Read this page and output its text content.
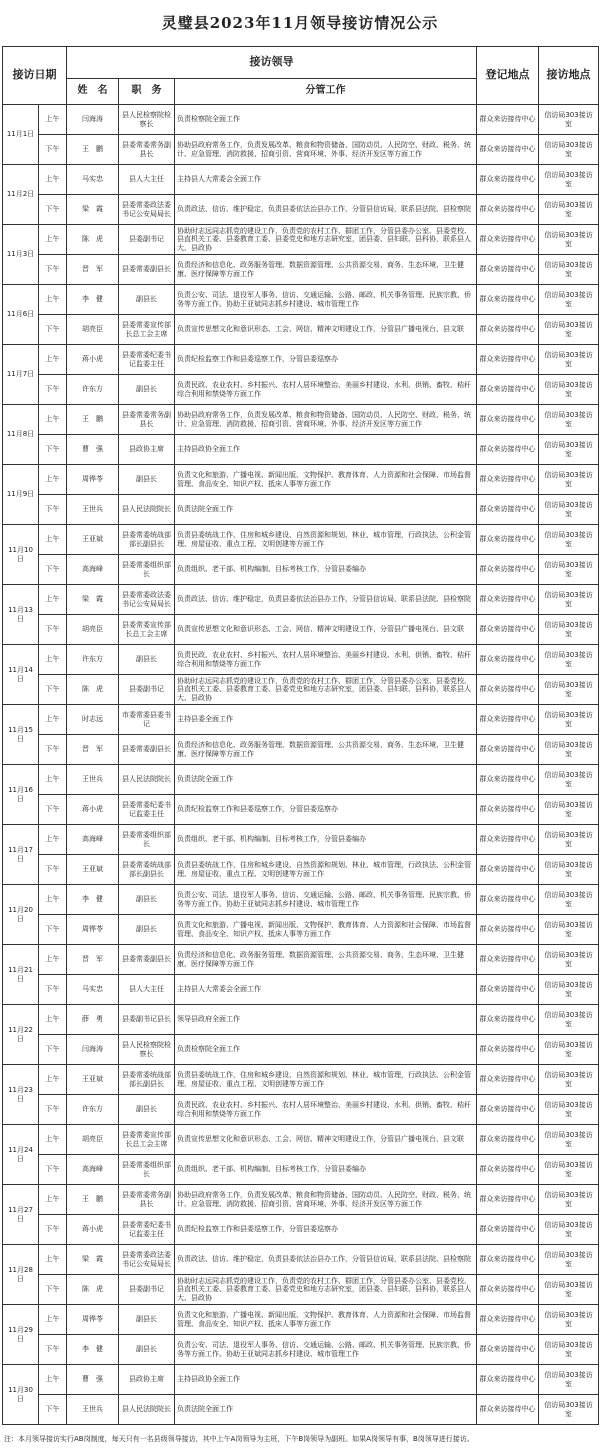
灵璧县2023年11月领导接访情况公示
接访日期		接访领导			登记地点	接访地点
		姓　名	职　务	分管工作		
11月1日	上午	闫海涛	县人民检察院检察长	负责检察院全面工作	群众来访接待中心	信访局303接访室
	下午	王　鹏	县委常委常务副县长	协助县政府常务工作，负责发展改革、粮食和物资储备、国防动员、人民防空、财政、税务、统计、应急管理、消防救援、招商引资、营商环境、外事、经济开发区等方面工作	群众来访接待中心	信访局303接访室
11月2日	上午	马实忠	县人大主任	主持县人大常委会全面工作	群众来访接待中心	信访局303接访室
	下午	梁　霞	县委常委政法委书记公安局局长	负责政法、信访、维护稳定，负责县委依法治县办工作，分管县信访局，联系县法院、县检察院	群众来访接待中心	信访局303接访室
11月3日	上午	陈　虎	县委副书记	协助时志远同志抓党的建设工作，负责党的农村工作、群团工作，分管县委办公室、县委党校、县直机关工委、县委教育工委、县委党史和地方志研究室，团县委、县妇联、县科协，联系县人大、县政协	群众来访接待中心	信访局303接访室
	下午	晋　军	县委常委副县长	负责经济和信息化、政务服务管理、数据资源管理、公共资源交易、商务、生态环境、卫生健康、医疗保障等方面工作	群众来访接待中心	信访局303接访室
11月6日	上午	李　健	副县长	负责公安、司法、退役军人事务、信访、交通运输、公路、邮政、机关事务管理、民族宗教、侨务等方面工作。协助王亚斌同志抓乡村建设、城市管理工作	群众来访接待中心	信访局303接访室
	下午	胡亮臣	县委常委宣传部长总工会主席	负责宣传思想文化和意识形态、工会、网信、精神文明建设工作，分管县广播电视台、县文联	群众来访接待中心	信访局303接访室
11月7日	上午	蒋小虎	县委常委纪委书记监委主任	负责纪检监察工作和县委巡察工作，分管县委巡察办	群众来访接待中心	信访局303接访室
	下午	许东方	副县长	负责民政、农业农村、乡村振兴、农村人居环境整治、美丽乡村建设、水利、供销、畜牧、秸秆综合利用和禁烧等方面工作	群众来访接待中心	信访局303接访室
11月8日	上午	王　鹏	县委常委常务副县长	协助县政府常务工作，负责发展改革、粮食和物资储备、国防动员、人民防空、财政、税务、统计、应急管理、消防救援、招商引资、营商环境、外事、经济开发区等方面工作	群众来访接待中心	信访局303接访室
	下午	曹　强	县政协主席	主持县政协全面工作	群众来访接待中心	信访局303接访室
11月9日	上午	周铧苓	副县长	负责文化和旅游、广播电视、新闻出版、文物保护、教育体育、人力资源和社会保障、市场监督管理、食品安全、知识产权、抵床人事等方面工作	群众来访接待中心	信访局303接访室
	下午	王世兵	县人民法院院长	负责法院全面工作	群众来访接待中心	信访局303接访室
11月10日	上午	王亚斌	县委常委统战部部长副县长	负责县委统战工作，住房和城乡建设、自然资源和规划、林业、城市管理，行政执法、公积金管理、房屋征收、重点工程、文明创建等方面工作	群众来访接待中心	信访局303接访室
	下午	高海峰	县委常委组织部长	负责组织、老干部、机构编制、目标考核工作，分管县委编办	群众来访接待中心	信访局303接访室
11月13日	上午	梁　霞	县委常委政法委书记公安局局长	负责政法、信访、维护稳定，负责县委依法治县办工作，分管县信访局，联系县法院、县检察院	群众来访接待中心	信访局303接访室
	下午	胡亮臣	县委常委宣传部长总工会主席	负责宣传思想文化和意识形态、工会、网信、精神文明建设工作，分管县广播电视台、县文联	群众来访接待中心	信访局303接访室
11月14日	上午	许东方	副县长	负责民政、农业农村、乡村振兴、农村人居环境整治、美丽乡村建设、水利、供销、畜牧、秸秆综合利用和禁烧等方面工作	群众来访接待中心	信访局303接访室
	下午	陈　虎	县委副书记	协助时志远同志抓党的建设工作，负责党的农村工作、群团工作，分管县委办公室、县委党校、县直机关工委、县委教育工委、县委党史和地方志研究室，团县委、县妇联、县科协，联系县人大、县政协	群众来访接待中心	信访局303接访室
11月15日	上午	时志远	市委常委县委书记	主持县委全面工作	群众来访接待中心	信访局303接访室
	下午	晋　军	县委常委副县长	负责经济和信息化、政务服务管理、数据资源管理、公共资源交易、商务、生态环境、卫生健康、医疗保障等方面工作	群众来访接待中心	信访局303接访室
11月16日	上午	王世兵	县人民法院院长	负责法院全面工作	群众来访接待中心	信访局303接访室
	下午	蒋小虎	县委常委纪委书记监委主任	负责纪检监察工作和县委巡察工作，分管县委巡察办	群众来访接待中心	信访局303接访室
11月17日	上午	高海峰	县委常委组织部长	负责组织、老干部、机构编制、目标考核工作，分管县委编办	群众来访接待中心	信访局303接访室
	下午	王亚斌	县委常委统战部部长副县长	负责县委统战工作，住房和城乡建设、自然资源和规划、林业、城市管理，行政执法、公积金管理、房屋征收、重点工程、文明创建等方面工作	群众来访接待中心	信访局303接访室
11月20日	上午	李　健	副县长	负责公安、司法、退役军人事务、信访、交通运输、公路、邮政、机关事务管理、民族宗教、侨务等方面工作。协助王亚斌同志抓乡村建设、城市管理工作	群众来访接待中心	信访局303接访室
	下午	周铧苓	副县长	负责文化和旅游、广播电视、新闻出版、文物保护、教育体育、人力资源和社会保障、市场监督管理、食品安全、知识产权、抵床人事等方面工作	群众来访接待中心	信访局303接访室
11月21日	上午	晋　军	县委常委副县长	负责经济和信息化、政务服务管理、数据资源管理、公共资源交易、商务、生态环境、卫生健康、医疗保障等方面工作	群众来访接待中心	信访局303接访室
	下午	马实忠	县人大主任	主持县人大常委会全面工作	群众来访接待中心	信访局303接访室
11月22日	上午	薛　勇	县委副书记县长	领导县政府全面工作	群众来访接待中心	信访局303接访室
	下午	闫海涛	县人民检察院检察长	负责检察院全面工作	群众来访接待中心	信访局303接访室
11月23日	上午	王亚斌	县委常委统战部部长副县长	负责县委统战工作，住房和城乡建设、自然资源和规划、林业、城市管理，行政执法、公积金管理、房屋征收、重点工程、文明创建等方面工作	群众来访接待中心	信访局303接访室
	下午	许东方	副县长	负责民政、农业农村、乡村振兴、农村人居环境整治、美丽乡村建设、水利、供销、畜牧、秸秆综合利用和禁烧等方面工作	群众来访接待中心	信访局303接访室
11月24日	上午	胡亮臣	县委常委宣传部长总工会主席	负责宣传思想文化和意识形态、工会、网信、精神文明建设工作，分管县广播电视台、县文联	群众来访接待中心	信访局303接访室
	下午	高海峰	县委常委组织部长	负责组织、老干部、机构编制、目标考核工作，分管县委编办	群众来访接待中心	信访局303接访室
11月27日	上午	王　鹏	县委常委常务副县长	协助县政府常务工作，负责发展改革、粮食和物资储备、国防动员、人民防空、财政、税务、统计、应急管理、消防救援、招商引资、营商环境、外事、经济开发区等方面工作	群众来访接待中心	信访局303接访室
	下午	蒋小虎	县委常委纪委书记监委主任	负责纪检监察工作和县委巡察工作，分管县委巡察办	群众来访接待中心	信访局303接访室
11月28日	上午	梁　霞	县委常委政法委书记公安局局长	负责政法、信访、维护稳定，负责县委依法治县办工作，分管县信访局，联系县法院、县检察院	群众来访接待中心	信访局303接访室
	下午	陈　虎	县委副书记	协助时志远同志抓党的建设工作，负责党的农村工作、群团工作，分管县委办公室、县委党校、县直机关工委、县委教育工委、县委党史和地方志研究室，团县委、县妇联、县科协，联系县人大、县政协	群众来访接待中心	信访局303接访室
11月29日	上午	周铧苓	副县长	负责文化和旅游、广播电视、新闻出版、文物保护、教育体育、人力资源和社会保障、市场监督管理、食品安全、知识产权、抵床人事等方面工作	群众来访接待中心	信访局303接访室
	下午	李　健	副县长	负责公安、司法、退役军人事务、信访、交通运输、公路、邮政、机关事务管理、民族宗教、侨务等方面工作。协助王亚斌同志抓乡村建设、城市管理工作	群众来访接待中心	信访局303接访室
11月30日	上午	曹　强	县政协主席	主持县政协全面工作	群众来访接待中心	信访局303接访室
	下午	王世兵	县人民法院院长	负责法院全面工作	群众来访接待中心	信访局303接访室
注：本月领导接访实行AB岗制度，每天只有一名县级领导接访，其中上午A岗领导为主班，下午B岗领导为副班。如果A岗领导有事，B岗领导进行接访。
